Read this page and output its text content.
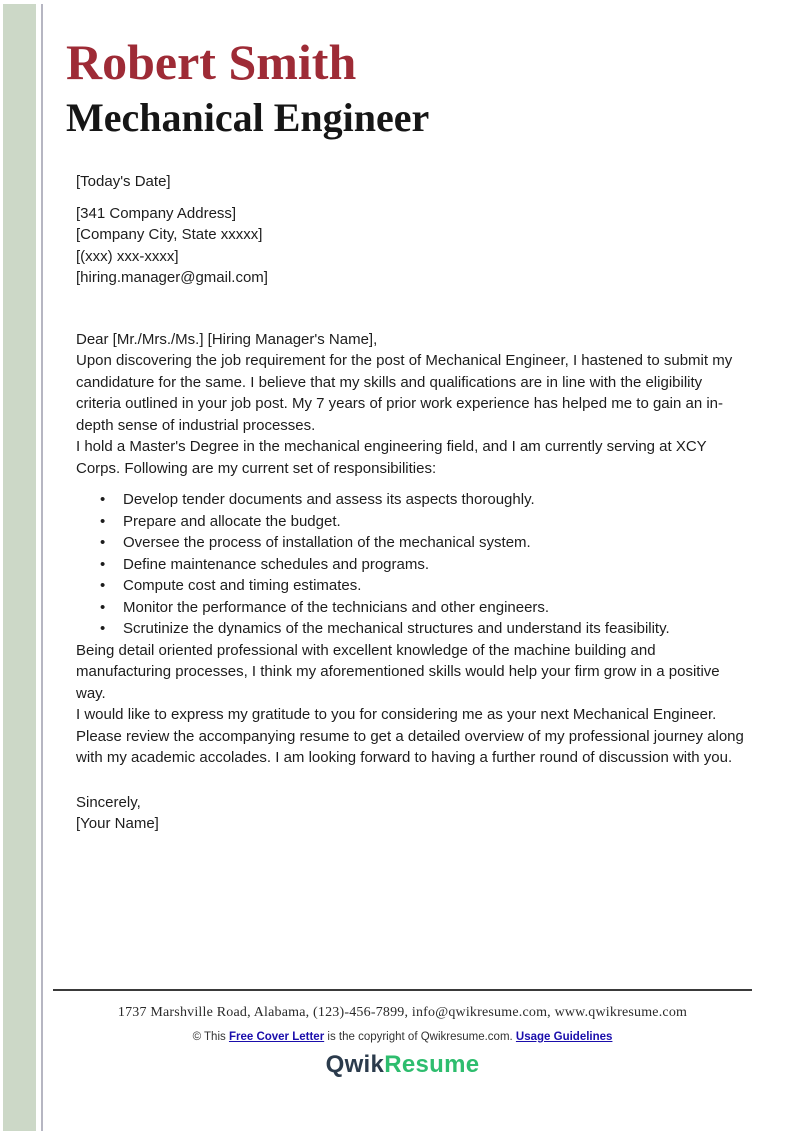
Robert Smith
Mechanical Engineer
[Today's Date]
[341 Company Address]
[Company City, State xxxxx]
[(xxx) xxx-xxxx]
[hiring.manager@gmail.com]
Dear [Mr./Mrs./Ms.] [Hiring Manager's Name],

Upon discovering the job requirement for the post of Mechanical Engineer, I hastened to submit my candidature for the same. I believe that my skills and qualifications are in line with the eligibility criteria outlined in your job post. My 7 years of prior work experience has helped me to gain an in-depth sense of industrial processes.

I hold a Master's Degree in the mechanical engineering field, and I am currently serving at XCY Corps. Following are my current set of responsibilities:

• Develop tender documents and assess its aspects thoroughly.
• Prepare and allocate the budget.
• Oversee the process of installation of the mechanical system.
• Define maintenance schedules and programs.
• Compute cost and timing estimates.
• Monitor the performance of the technicians and other engineers.
• Scrutinize the dynamics of the mechanical structures and understand its feasibility.

Being detail oriented professional with excellent knowledge of the machine building and manufacturing processes, I think my aforementioned skills would help your firm grow in a positive way.

I would like to express my gratitude to you for considering me as your next Mechanical Engineer. Please review the accompanying resume to get a detailed overview of my professional journey along with my academic accolades. I am looking forward to having a further round of discussion with you.

Sincerely,
[Your Name]
1737 Marshville Road, Alabama, (123)-456-7899, info@qwikresume.com, www.qwikresume.com
© This Free Cover Letter is the copyright of Qwikresume.com. Usage Guidelines
QwikResume
